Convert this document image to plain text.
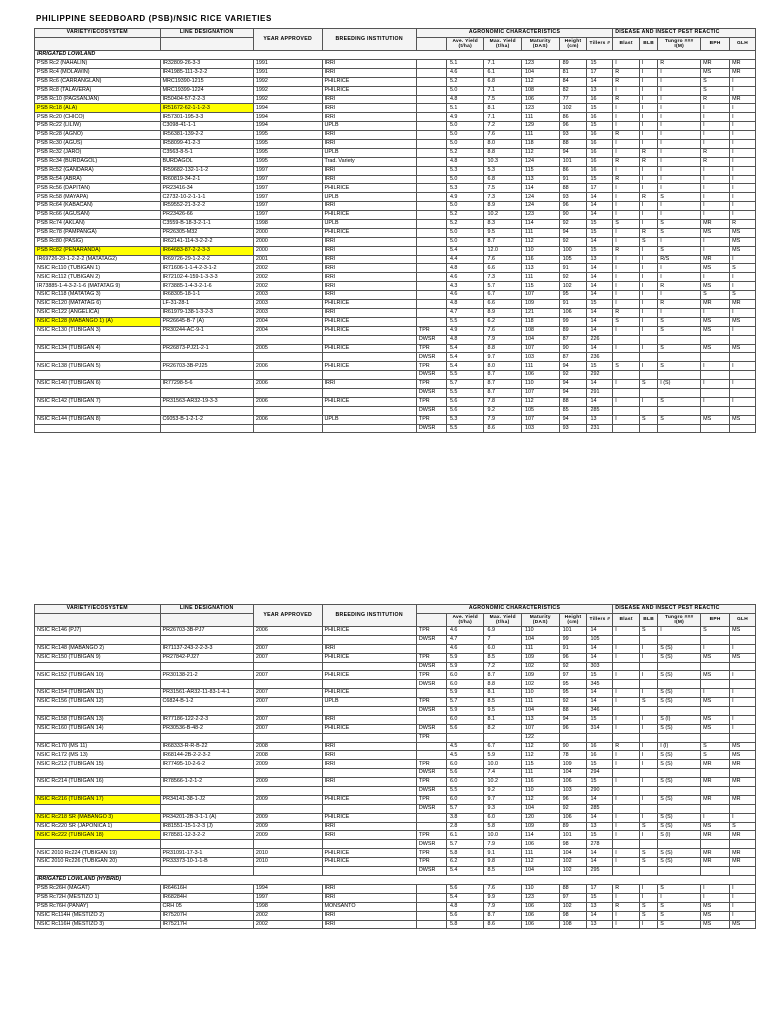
PHILIPPINE SEEDBOARD (PSB)/NSIC RICE VARIETIES
VARIETY/ECOSYSTEM	LINE DESIGNATION	YEAR APPROVED	BREEDING INSTITUTION	AGRONOMIC CHARACTERISTICS						DISEASE AND INSECT PEST REACTIC				
					Ave. Yield (t/ha)	Max. Yield (t/ha)	Maturity (DAS)	Height (cm)	Tillers #	Blast	BLB	Tungro ### I(M)	BPH	GLH
IRRIGATED LOWLAND														
PSB Rc2 (NAHALIN)	IR32809-26-3-3	1991	IRRI		5.1	7.1	123	89	15	I	I	R	MR	MR
PSB Rc4 (MOLAWIN)	IR41985-111-3-2-2	1991	IRRI		4.6	6.1	104	81	17	R	I	I	MS	MR
PSB Rc6 (CARRANGLAN)	MRC19390-1215	1992	PHILRICE		5.2	6.8	112	84	14	R	I	I	S	I
PSB Rc8 (TALAVERA)	MRC19399-1224	1992	PHILRICE		5.0	7.1	108	82	13	I	I	I	S	I
PSB Rc10 (PAGSANJAN)	IR50404-57-2-2-3	1992	IRRI		4.8	7.5	106	77	16	R	I	I	R	MR
PSB Rc18 (ALA)	IR51672-62-1-1-2-3	1994	IRRI		5.1	8.1	123	102	15	I	I	I	I	I
PSB Rc20 (CHICO)	IR57301-195-3-3	1994	IRRI		4.9	7.1	111	86	16	I	I	I	I	I
PSB Rc22 (LILIW)	C3098-41-1-1	1994	UPLB		5.0	7.2	129	96	15	I	I	I	I	I
PSB Rc28 (AGNO)	IR56381-139-2-2	1995	IRRI		5.0	7.6	111	93	16	R	I	I	I	I
PSB Rc30 (AGUS)	IR58099-41-2-3	1995	IRRI		5.0	8.0	118	88	16	I	I	I	I	I
PSB Rc32 (JARO)	C3563-8-5-1	1995	UPLB		5.2	8.8	112	94	16	I	R	I	R	I
PSB Rc34 (BURDAGOL)	BURDAGOL	1995	Trad. Variety		4.8	10.3	124	101	16	R	R	I	R	I
PSB Rc52 (GANDARA)	IR59682-132-1-1-2	1997	IRRI		5.3	5.3	115	86	16	I	I	I	I	I
PSB Rc54 (ABRA)	IR60819-34-2-1	1997	IRRI		5.0	6.8	113	91	15	R	I	I	I	I
PSB Rc56 (DAPITAN)	PR23416-34	1997	PHILRICE		5.3	7.5	114	88	17	I	I	I	I	I
PSB Rc58 (MAYAPA)	C2732-10-2-1-1-1	1997	UPLB		4.9	7.3	124	93	14	I	R	S	I	I
PSB Rc64 (KABACAN)	IR59552-21-3-2-2	1997	IRRI		5.0	8.9	124	96	14	I	I	I	I	I
PSB Rc66 (AGUSAN)	PR23426-66	1997	PHILRICE		5.2	10.2	123	90	14	I	I	I	I	I
PSB Rc74 (AKLAN)	C3559-B-18-3-2-1-1	1998	UPLB		5.2	8.3	114	92	15	S	I	S	MR	R
PSB Rc78 (PAMPANGA)	PR26305-M32	2000	PHILRICE		5.0	9.5	111	94	15	I	R	S	MS	MS
PSB Rc80 (PASIG)	IR62141-114-3-2-2-2	2000	IRRI		5.0	8.7	112	92	14	I	S	I	I	MS
PSB Rc82 (PEÑARANDA)	IR64683-87-2-2-3-3	2000	IRRI		5.4	12.0	110	100	15	R	I	S	I	MS
IR69726-29-1-2-2-2 (MATATAG2)	IR69726-29-1-2-2-2	2001	IRRI		4.4	7.6	116	105	13	I	I	R/S	MR	I
NSIC Rc110 (TUBIGAN 1)	IR71606-1-1-4-2-3-1-2	2002	IRRI		4.8	6.6	113	91	14	I	I	I	MS	S
NSIC Rc112 (TUBIGAN 2)	IR72102-4-159-1-3-3-3	2002	IRRI		4.6	7.3	111	92	14	I	I	I	I	I
IR73885-1-4-3-2-1-6 (MATATAG 9)	IR73885-1-4-3-2-1-6	2002	IRRI		4.3	5.7	115	102	14	I	I	R	MS	I
NSIC Rc118 (MATATAG 3)	IR68305-18-1-1	2003	IRRI		4.6	6.7	107	95	14	I	I	I	S	S
NSIC Rc120 (MATATAG 6)	LF-31-28-1	2003	PHILRICE		4.8	6.6	109	91	15	I	I	R	MR	MR
NSIC Rc122 (ANGELICA)	IR61979-138-1-3-2-3	2003	IRRI		4.7	8.9	121	106	14	R	I	I	I	I
NSIC Rc128 (MABANGO 1) (A)	PR26645-B-7 (A)	2004	PHILRICE		5.5	6.2	118	99	14	S	I	S	MS	MS
NSIC Rc130 (TUBIGAN 3)	PR30244-AC-9-1	2004	PHILRICE	TPR	4.9	7.6	108	89	14	I	I	S	MS	I
				DWSR	4.8	7.9	104	87	226					
NSIC Rc134 (TUBIGAN 4)	PR26873-PJ21-2-1	2005	PHILRICE	TPR	5.4	8.8	107	90	14	I	I	S	MS	MS
				DWSR	5.4	9.7	103	87	236					
NSIC Rc138 (TUBIGAN 5)	PR26703-3B-PJ25	2006	PHILRICE	TPR	5.4	8.0	111	94	15	S	I	S	I	I
				DWSR	5.5	8.7	106	92	292					
NSIC Rc140 (TUBIGAN 6)	IR77298-5-6	2006	IRRI	TPR	5.7	8.7	110	94	14	I	S	I (S)	I	I
				DWSR	5.5	8.7	107	94	291					
NSIC Rc142 (TUBIGAN 7)	PR31563-AR32-19-3-3	2006	PHILRICE	TPR	5.6	7.8	112	88	14	I	I	S	I	I
				DWSR	5.6	9.2	105	85	285					
NSIC Rc144 (TUBIGAN 8)	C6053-B-1-2-1-2	2006	UPLB	TPR	5.3	7.9	107	94	13	I	S	S	MS	MS
				DWSR	5.5	8.6	103	93	231					
VARIETY/ECOSYSTEM	LINE DESIGNATION	YEAR APPROVED	BREEDING INSTITUTION	AGRONOMIC CHARACTERISTICS						DISEASE AND INSECT PEST REACTIC				
					Ave. Yield (t/ha)	Max. Yield (t/ha)	Maturity (DAS)	Height (cm)	Tillers #	Blast	BLB	Tungro ### I(M)	BPH	GLH
NSIC Rc146 (PJ7)	PR26703-3B-PJ7	2006	PHILRICE	TPR	4.6	6.9	110	101	14	I	S	I	S	MS
				DWSR	4.7	7	104	99	105					
NSIC Rc148 (MABANGO 2)	IR71137-243-2-2-3-3	2007	IRRI		4.6	6.0	111	91	14	I	I	S (S)	I	I
NSIC Rc150 (TUBIGAN 9)	PR27842-PJ27	2007	PHILRICE	TPR	5.9	8.5	109	96	14	I	I	S (S)	MS	MS
				DWSR	5.9	7.2	102	92	303					
NSIC Rc152 (TUBIGAN 10)	PR30138-21-2	2007	PHILRICE	TPR	6.0	8.7	109	97	15	I	I	S (S)	MS	I
				DWSR	6.0	8.8	102	95	345					
NSIC Rc154 (TUBIGAN 11)	PR31561-AR32-11-83-1-4-1	2007	PHILRICE		5.9	8.1	110	95	14	I	I	S (S)	I	I
NSIC Rc156 (TUBIGAN 12)	C6824-B-1-2	2007	UPLB	TPR	5.7	8.5	111	92	14	I	S	S (S)	MS	I
				DWSR	5.9	9.5	104	88	346					
NSIC Rc158 (TUBIGAN 13)	IR77186-122-2-2-3	2007	IRRI		6.0	8.1	113	94	15	I	I	S (I)	MS	I
NSIC Rc160 (TUBIGAN 14)	PR30536-B-48-2	2007	PHILRICE	DWSR	5.6	8.2	107	96	314	I	I	S (S)	MS	I
				TPR			122							
NSIC Rc170 (MS 11)	IR68333-R-R-B-22	2008	IRRI		4.5	6.7	112	90	16	R	I	I (I)	S	MS
NSIC Rc172 (MS 13)	IR68144-2B-2-2-3-2	2008	IRRI		4.5	5.9	112	78	16	I	I	S (S)	S	MS
NSIC Rc212 (TUBIGAN 15)	IR77495-10-2-6-2	2009	IRRI	TPR	6.0	10.0	115	109	15	I	I	S (S)	MR	MR
				DWSR	5.6	7.4	111	104	294					
NSIC Rc214 (TUBIGAN 16)	IR78566-1-2-1-2	2009	IRRI	TPR	6.0	10.2	116	106	15	I	I	S (S)	MR	MR
				DWSR	5.5	9.2	110	103	290					
NSIC Rc216 (TUBIGAN 17)	PR34141-38-1-J2	2009	PHILRICE	TPR	6.0	9.7	112	96	14	I	I	S (S)	MR	MR
				DWSR	5.7	9.3	104	92	285					
NSIC Rc218 SR (MABANGO 3)	PR34201-2B-3-1-1 (A)	2009	PHILRICE		3.8	6.0	120	106	14	I	I	S (S)	I	I
NSIC Rc220 SR (JAPONICA 1)	IR81551-15-1-2-3 (J)	2009	IRRI		2.8	5.8	109	89	13	I	S	S (S)	MS	S
NSIC Rc222 (TUBIGAN 18)	IR78581-12-3-2-2	2009	IRRI	TPR	6.1	10.0	114	101	15	I	I	S (I)	MR	MR
				DWSR	5.7	7.9	106	98	278					
NSIC 2010 Rc224 (TUBIGAN 19)	PR31091-17-3-1	2010	PHILRICE	TPR	5.8	9.1	111	104	14	I	S	S (S)	MR	MR
NSIC 2010 Rc226 (TUBIGAN 20)	PR33373-10-1-1-B	2010	PHILRICE	TPR	6.2	9.8	112	102	14	I	S	S (S)	MR	MR
				DWSR	5.4	8.5	104	102	295					
IRRIGATED LOWLAND (HYBRID)														
PSB Rc26H (MAGAT)	IR64616H	1994	IRRI		5.6	7.6	110	88	17	R	I	S	I	I
PSB Rc72H (MESTIZO 1)	IR68284H	1997	IRRI		5.4	9.9	123	97	15	I	I	I	I	I
PSB Rc76H (PANAY)	CRH 05	1998	MONSANTO		4.8	7.9	106	102	13	R	S	S	MS	I
NSIC Rc114H (MESTIZO 2)	IR75207H	2002	IRRI		5.6	8.7	106	98	14	I	S	S	MS	I
NSIC Rc116H (MESTIZO 3)	IR75217H	2002	IRRI		5.8	8.6	106	108	13	I	I	S	MS	MS
